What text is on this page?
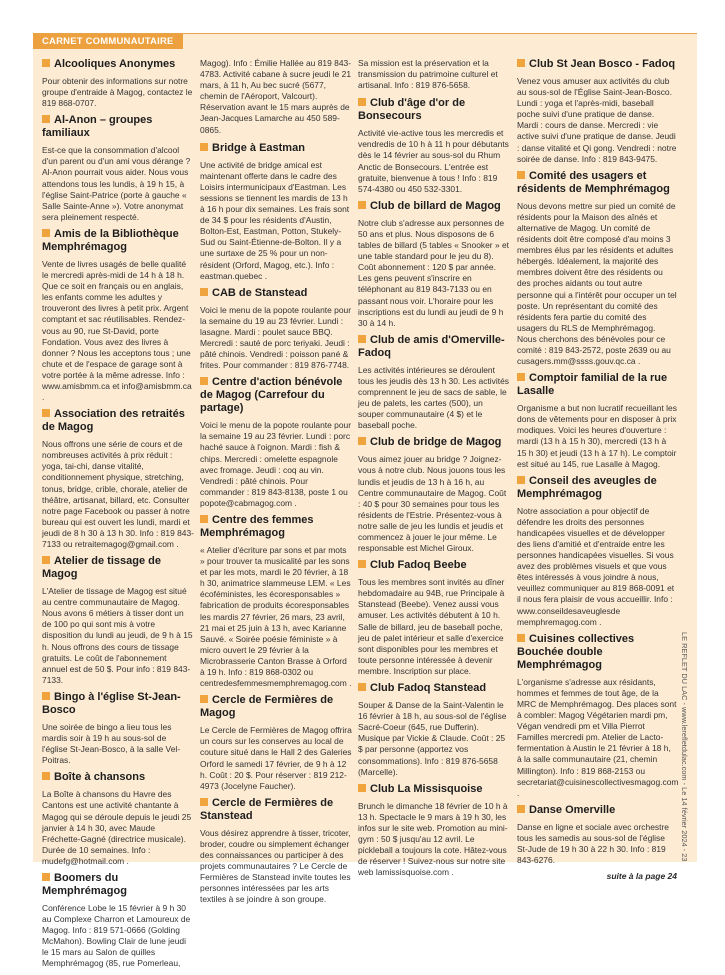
CARNET COMMUNAUTAIRE
Alcooliques Anonymes

Pour obtenir des informations sur notre groupe d'entraide à Magog, contactez le 819 868-0707.

Al-Anon – groupes familiaux

Est-ce que la consommation d'alcool d'un parent ou d'un ami vous dérange ? Al-Anon pourrait vous aider. Nous vous attendons tous les lundis, à 19 h 15, à l'église Saint-Patrice (porte à gauche « Salle Sainte-Anne »). Votre anonymat sera pleinement respecté.

Amis de la Bibliothèque Memphrémagog

Vente de livres usagés de belle qualité le mercredi après-midi de 14 h à 18 h. Que ce soit en français ou en anglais, les enfants comme les adultes y trouveront des livres à petit prix. Argent comptant et sac réutilisables. Rendez-vous au 90, rue St-David, porte Fondation. Vous avez des livres à donner ? Nous les acceptons tous ; une chute et de l'espace de garage sont à votre portée à la même adresse. Info : www.amisbmm.ca et info@amisbmm.ca .

Association des retraités de Magog

Nous offrons une série de cours et de nombreuses activités à prix réduit : yoga, tai-chi, danse vitalité, conditionnement physique, stretching, tonus, bridge, crible, chorale, atelier de théâtre, artisanat, billard, etc. Consulter notre page Facebook ou passer à notre bureau qui est ouvert les lundi, mardi et jeudi de 8 h 30 à 13 h 30. Info : 819 843-7133 ou retraitemagog@gmail.com .

Atelier de tissage de Magog

L'Atelier de tissage de Magog est situé au centre communautaire de Magog. Nous avons 6 métiers à tisser dont un de 100 po qui sont mis à votre disposition du lundi au jeudi, de 9 h à 15 h. Nous offrons des cours de tissage gratuits. Le coût de l'abonnement annuel est de 50 $. Pour info : 819 843-7133.

Bingo à l'église St-Jean-Bosco

Une soirée de bingo a lieu tous les mardis soir à 19 h au sous-sol de l'église St-Jean-Bosco, à la salle Vel-Poitras.

Boîte à chansons

La Boîte à chansons du Havre des Cantons est une activité chantante à Magog qui se déroule depuis le jeudi 25 janvier à 14 h 30, avec Maude Fréchette-Gagné (directrice musicale). Durée de 10 semaines. Info : mudefg@hotmail.com .

Boomers du Memphrémagog

Conférence Lobe le 15 février à 9 h 30 au Complexe Charron et Lamoureux de Magog. Info : 819 571-0666 (Golding McMahon). Bowling Clair de lune jeudi le 15 mars au Salon de quilles Memphrémagog (85, rue Pomerleau,

Magog). Info : Émilie Hallée au 819 843-4783. Activité cabane à sucre jeudi le 21 mars, à 11 h, Au bec sucré (5677, chemin de l'Aéroport, Valcourt). Réservation avant le 15 mars auprès de Jean-Jacques Lamarche au 450 589-0865.

Bridge à Eastman

Une activité de bridge amical est maintenant offerte dans le cadre des Loisirs intermunicipaux d'Eastman. Les sessions se tiennent les mardis de 13 h à 16 h pour dix semaines. Les frais sont de 34 $ pour les résidents d'Austin, Bolton-Est, Eastman, Potton, Stukely-Sud ou Saint-Étienne-de-Bolton. Il y a une surtaxe de 25 % pour un non-résident (Orford, Magog, etc.). Info : eastman.quebec .

CAB de Stanstead

Voici le menu de la popote roulante pour la semaine du 19 au 23 février. Lundi : lasagne. Mardi : poulet sauce BBQ. Mercredi : sauté de porc teriyaki. Jeudi : pâté chinois. Vendredi : poisson pané & frites. Pour commander : 819 876-7748.

Centre d'action bénévole de Magog (Carrefour du partage)

Voici le menu de la popote roulante pour la semaine 19 au 23 février. Lundi : porc haché sauce à l'oignon. Mardi : fish & chips. Mercredi : omelette espagnole avec fromage. Jeudi : coq au vin. Vendredi : pâté chinois. Pour commander : 819 843-8138, poste 1 ou popote@cabmagog.com .

Centre des femmes Memphrémagog

« Atelier d'écriture par sons et par mots » pour trouver ta musicalité par les sons et par les mots, mardi le 20 février, à 18 h 30, animatrice slammeuse LEM. « Les écoféministes, les écoresponsables » fabrication de produits écoresponsables les mardis 27 février, 26 mars, 23 avril, 21 mai et 25 juin à 13 h, avec Karianne Sauvé. « Soirée poésie féministe » à micro ouvert le 29 février à la Microbrasserie Canton Brasse à Orford à 19 h. Info : 819 868-0302 ou centredesfemmesmemphremagog.com .

Cercle de Fermières de Magog

Le Cercle de Fermières de Magog offrira un cours sur les conserves au local de couture situé dans le Hall 2 des Galeries Orford le samedi 17 février, de 9 h à 12 h. Coût : 20 $. Pour réserver : 819 212-4973 (Jocelyne Faucher).

Cercle de Fermières de Stanstead

Vous désirez apprendre à tisser, tricoter, broder, coudre ou simplement échanger des connaissances ou participer à des projets communautaires ? Le Cercle de Fermières de Stanstead invite toutes les personnes intéressées par les arts textiles à se joindre à son groupe.

Sa mission est la préservation et la transmission du patrimoine culturel et artisanal. Info : 819 876-5658.

Club d'âge d'or de Bonsecours

Activité vie-active tous les mercredis et vendredis de 10 h à 11 h pour débutants dès le 14 février au sous-sol du Rhum Anctic de Bonsecours. L'entrée est gratuite, bienvenue à tous ! Info : 819 574-4380 ou 450 532-3301.

Club de billard de Magog

Notre club s'adresse aux personnes de 50 ans et plus. Nous disposons de 6 tables de billard (5 tables « Snooker » et une table standard pour le jeu du 8). Coût abonnement : 120 $ par année. Les gens peuvent s'inscrire en téléphonant au 819 843-7133 ou en passant nous voir. L'horaire pour les inscriptions est du lundi au jeudi de 9 h 30 à 14 h.

Club de amis d'Omerville-Fadoq

Les activités intérieures se déroulent tous les jeudis dès 13 h 30. Les activités comprennent le jeu de sacs de sable, le jeu de palets, les cartes (500), un souper communautaire (4 $) et le baseball poche.

Club de bridge de Magog

Vous aimez jouer au bridge ? Joignez-vous à notre club. Nous jouons tous les lundis et jeudis de 13 h à 16 h, au Centre communautaire de Magog. Coût : 40 $ pour 30 semaines pour tous les résidents de l'Estrie. Présentez-vous à notre salle de jeu les lundis et jeudis et commencez à jouer le jour même. Le responsable est Michel Giroux.

Club Fadoq Beebe

Tous les membres sont invités au dîner hebdomadaire au 94B, rue Principale à Stanstead (Beebe). Venez aussi vous amuser. Les activités débutent à 10 h. Salle de billard, jeu de baseball poche, jeu de palet intérieur et salle d'exercice sont disponibles pour les membres et toute personne intéressée à devenir membre. Inscription sur place.

Club Fadoq Stanstead

Souper & Danse de la Saint-Valentin le 16 février à 18 h, au sous-sol de l'église Sacré-Coeur (645, rue Dufferin). Musique par Vickie & Claude. Coût : 25 $ par personne (apportez vos consommations). Info : 819 876-5658 (Marcelle).

Club La Missisquoise

Brunch le dimanche 18 février de 10 h à 13 h. Spectacle le 9 mars à 19 h 30, les infos sur le site web. Promotion au mini-gym : 50 $ jusqu'au 12 avril. Le pickleball a toujours la cote. Hâtez-vous de réserver ! Suivez-nous sur notre site web lamissisquoise.com .

Club St Jean Bosco - Fadoq

Venez vous amuser aux activités du club au sous-sol de l'Église Saint-Jean-Bosco. Lundi : yoga et l'après-midi, baseball poche suivi d'une pratique de danse. Mardi : cours de danse. Mercredi : vie active suivi d'une pratique de danse. Jeudi : danse vitalité et Qi gong. Vendredi : notre soirée de danse. Info : 819 843-9475.

Comité des usagers et résidents de Memphrémagog

Nous devons mettre sur pied un comité de résidents pour la Maison des aînés et alternative de Magog. Un comité de résidents doit être composé d'au moins 3 membres élus par les résidents et adultes hébergés. Idéalement, la majorité des membres doivent être des résidents ou des proches aidants ou tout autre personne qui a l'intérêt pour occuper un tel poste. Un représentant du comité des résidents fera partie du comité des usagers du RLS de Memphrémagog. Nous cherchons des bénévoles pour ce comité : 819 843-2572, poste 2639 ou au cusagers.mm@ssss.gouv.qc.ca .

Comptoir familial de la rue Lasalle

Organisme a but non lucratif recueillant les dons de vêtements pour en disposer à prix modiques. Voici les heures d'ouverture : mardi (13 h à 15 h 30), mercredi (13 h à 15 h 30) et jeudi (13 h à 17 h). Le comptoir est situé au 145, rue Lasalle à Magog.

Conseil des aveugles de Memphrémagog

Notre association a pour objectif de défendre les droits des personnes handicapées visuelles et de développer des liens d'amitié et d'entraide entre les personnes handicapées visuelles. Si vous avez des problèmes visuels et que vous êtes intéressés à vous joindre à nous, veuillez communiquer au 819 868-0091 et il nous fera plaisir de vous accueillir. Info : www.conseildesaveuglesde memphremagog.com .

Cuisines collectives Bouchée double Memphrémagog

L'organisme s'adresse aux résidants, hommes et femmes de tout âge, de la MRC de Memphrémagog. Des places sont à combler: Magog Végétarien mardi pm, Végan vendredi pm et Villa Pierrot Familles mercredi pm. Atelier de Lacto-fermentation à Austin le 21 février à 18 h, à la salle communautaire (21, chemin Millington). Info : 819 868-2153 ou secretariat@cuisinescollectivesmagog.com .

Danse Omerville

Danse en ligne et sociale avec orchestre tous les samedis au sous-sol de l'église St-Jude de 19 h 30 à 22 h 30. Info : 819 843-6276.

suite à la page 24
LE REFLET DU LAC - www.lerefletdulac.com - Le 14 février 2024 - 23
